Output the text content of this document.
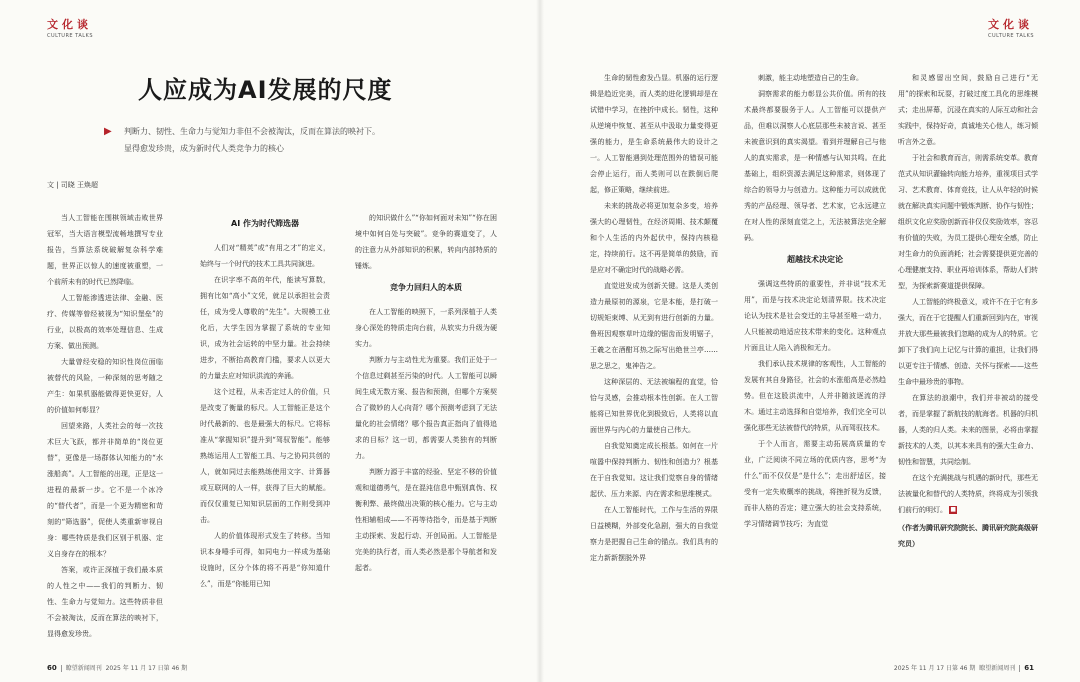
文化谈
CULTURE TALKS
人应成为AI发展的尺度
▶	判断力、韧性、生命力与觉知力非但不会被淘汰，反而在算法的映衬下。

显得愈发珍贵，成为新时代人类竞争力的核心

文 | 司晓 王焕超

当人工智能在围棋领域击败世界冠军，当大语言模型流畅地撰写专业报告，当算法系统破解复杂科学难题，世界正以惊人的速度被重塑，一个前所未有的时代已然降临。

人工智能渗透进法律、金融、医疗、传媒等曾经被视为“知识堡垒”的行业，以极高的效率处理信息、生成方案、做出预测。

大量曾经安稳的知识性岗位面临被替代的风险，一种深刻的思考随之产生：如果机器能做得更快更好，人的价值如何彰显？

回望来路，人类社会的每一次技术巨大飞跃，都并非简单的“岗位更替”，更像是一场群体认知能力的“水涨船高”。人工智能的出现，正是这一进程的最新一步。它不是一个冰冷的“替代者”，而是一个更为精密和苛刻的“筛选器”，促使人类重新审视自身：哪些特质是我们区别于机器、定义自身存在的根本？

答案，或许正深植于我们最本质的人性之中——我们的判断力、韧性、生命力与觉知力。这些特质非但不会被淘汰，反而在算法的映衬下，显得愈发珍贵。

AI 作为时代筛选器

人们对“精英”或“有用之才”的定义，始终与一个时代的技术工具共同演进。

在识字率不高的年代，能读写算数，拥有比如“高小”文凭，就足以承担社会责任，成为受人尊敬的“先生”。大规模工业化后，大学生因为掌握了系统的专业知识，成为社会运转的中坚力量。社会持续进步，不断抬高教育门槛，要求人以更大的力量去应对知识洪流的奔涌。

这个过程，从未否定过人的价值，只是改变了衡量的标尺。人工智能正是这个时代最新的、也是最强大的标尺。它将标准从“掌握知识”提升到“驾驭智能”。能够熟练运用人工智能工具、与之协同共创的人，就如同过去能熟练使用文字、计算器或互联网的人一样，获得了巨大的赋能。而仅仅重复已知知识层面的工作则受到冲击。

人的价值体现形式发生了转移。当知识本身唾手可得，如同电力一样成为基础设施时，区分个体的将不再是“你知道什么”，而是“你能用已知

的知识做什么”“你如何面对未知”“你在困境中如何自处与突破”。竞争的赛道变了，人的注意力从外部知识的积累，转向内部特质的锤炼。

竞争力回归人的本质

在人工智能的映照下，一系列深植于人类身心深处的特质走向台前，从软实力升级为硬实力。

判断力与主动性尤为重要。我们正处于一个信息过剩甚至污染的时代。人工智能可以瞬间生成无数方案、报告和预测，但哪个方案契合了微妙的人心向背？哪个预测考虑到了无法量化的社会情绪？哪个报告真正指向了值得追求的目标？这一切，都需要人类独有的判断力。

判断力源于丰富的经验、坚定不移的价值观和道德勇气，是在混沌信息中甄别真伪、权衡利弊、最终做出决策的核心能力。它与主动性相辅相成——不再等待指令，而是基于判断主动探索、发起行动、开创局面。人工智能是完美的执行者，而人类必然是那个导航者和发起者。

60 瞭望新闻周刊 2025 年 11 月 17 日第 46 期
文化谈
CULTURE TALKS

生命的韧性愈发凸显。机器的运行逻辑是趋近完美，而人类的进化逻辑却是在试错中学习，在挫折中成长。韧性，这种从逆境中恢复、甚至从中汲取力量变得更强的能力，是生命系统最伟大的设计之一。人工智能遇到处理范围外的错误可能会停止运行，而人类则可以在跌倒后爬起，修正策略，继续前进。

未来的挑战必将更加复杂多变，培养强大的心理韧性，在经济周期、技术颠覆和个人生活的内外起伏中，保持内核稳定，持续前行。这不再是简单的鼓励，而是应对不确定时代的战略必需。

直觉迸发成为创新关键。这是人类创造力最原初的源泉，它是本能，是打破一切规矩束缚、从无到有进行创新的力量。鲁班因观察草叶边缘的锯齿而发明锯子，王羲之在酒酣耳热之际写出绝世兰亭……思之思之，鬼神告之。

这种深层的、无法被编程的直觉，恰恰与灵感，会推动根本性创新。在人工智能将已知世界优化到极致后，人类将以直面世界与内心的力量使自己伟大。

自我觉知奠定成长根基。如何在一片喧嚣中保持判断力、韧性和创造力？根基在于自我觉知。这让我们觉察自身的情绪起伏、压力来源、内在需求和思维模式。

在人工智能时代，工作与生活的界限日益模糊，外部变化急剧，强大的自我觉察力是把握自己生命的锚点。我们具有的定力新新摆脱外界

刺激，能主动地塑造自己的生命。

洞察需求的能力彰显公共价值。所有的技术最终都要服务于人。人工智能可以提供产品，但难以洞察人心底层那些未被言说、甚至未被意识到的真实渴望。看到并理解自己与他人的真实需求，是一种情感与认知共鸣。在此基础上，组织资源去满足这种需求，则体现了综合的领导力与创造力。这种能力可以成就优秀的产品经理、领导者、艺术家，它永远建立在对人性的深刻直觉之上，无法被算法完全解码。

超越技术决定论

强调这些特质的重要性，并非说“技术无用”，而是与技术决定论划清界限。技术决定论认为技术是社会变迁的主导甚至唯一动力，人只能被动地适应技术带来的变化。这种观点片面且让人陷入消极和无力。

我们承认技术规律的客观性，人工智能的发展有其自身路径，社会的水涨船高是必然趋势。但在这股洪流中，人并非随波逐流的浮木。通过主动选择和自觉培养，我们完全可以强化那些无法被替代的特质，从而驾驭技术。

于个人而言，需要主动拓展高质量的专业，广泛阅读不同立场的优质内容，思考“为什么”而不仅仅是“是什么”；走出舒适区，接受有一定失败概率的挑战，将挫折视为反馈，而非人格的否定；建立强大的社会支持系统，学习情绪调节技巧；为直觉

和灵感留出空间，鼓励自己进行“无用”的探索和玩耍，打破过度工具化的思维模式；走出屏幕，沉浸在真实的人际互动和社会实践中，保持好奇，真诚地关心他人，练习倾听言外之意。

于社会和教育而言，则需系统变革。教育范式从知识灌输转向能力培养，重视项目式学习、艺术教育、体育竞技，让人从年轻的时候就在解决真实问题中锻炼判断、协作与韧性；组织文化应奖励创新而非仅仅奖励效率，容忍有价值的失败，为员工提供心理安全感，防止对生命力的负面消耗；社会需要提供更完善的心理健康支持、职业再培训体系，帮助人们转型，为探索新赛道提供保障。

人工智能的终极意义，或许不在于它有多强大，而在于它提醒人们重新回到内在，审视并放大那些最被我们忽略的成为人的特质。它卸下了我们向上记忆与计算的重担，让我们得以更专注于情感、创造、关怀与探索——这些生命中最珍贵的事物。

在算法的浪潮中，我们并非被动的接受者，而是掌握了新航技的航海者。机器的归机器，人类的归人类。未来的图景，必将由掌握新技术的人类，以其本来具有的强大生命力、韧性和智慧，共同绘制。

在这个充满挑战与机遇的新时代，那些无法被量化和替代的人类特质，终将成为引领我们前行的明灯。 ■

（作者为腾讯研究院院长、腾讯研究院高级研究员）

2025 年 11 月 17 日第 46 期 瞭望新闻周刊 61
